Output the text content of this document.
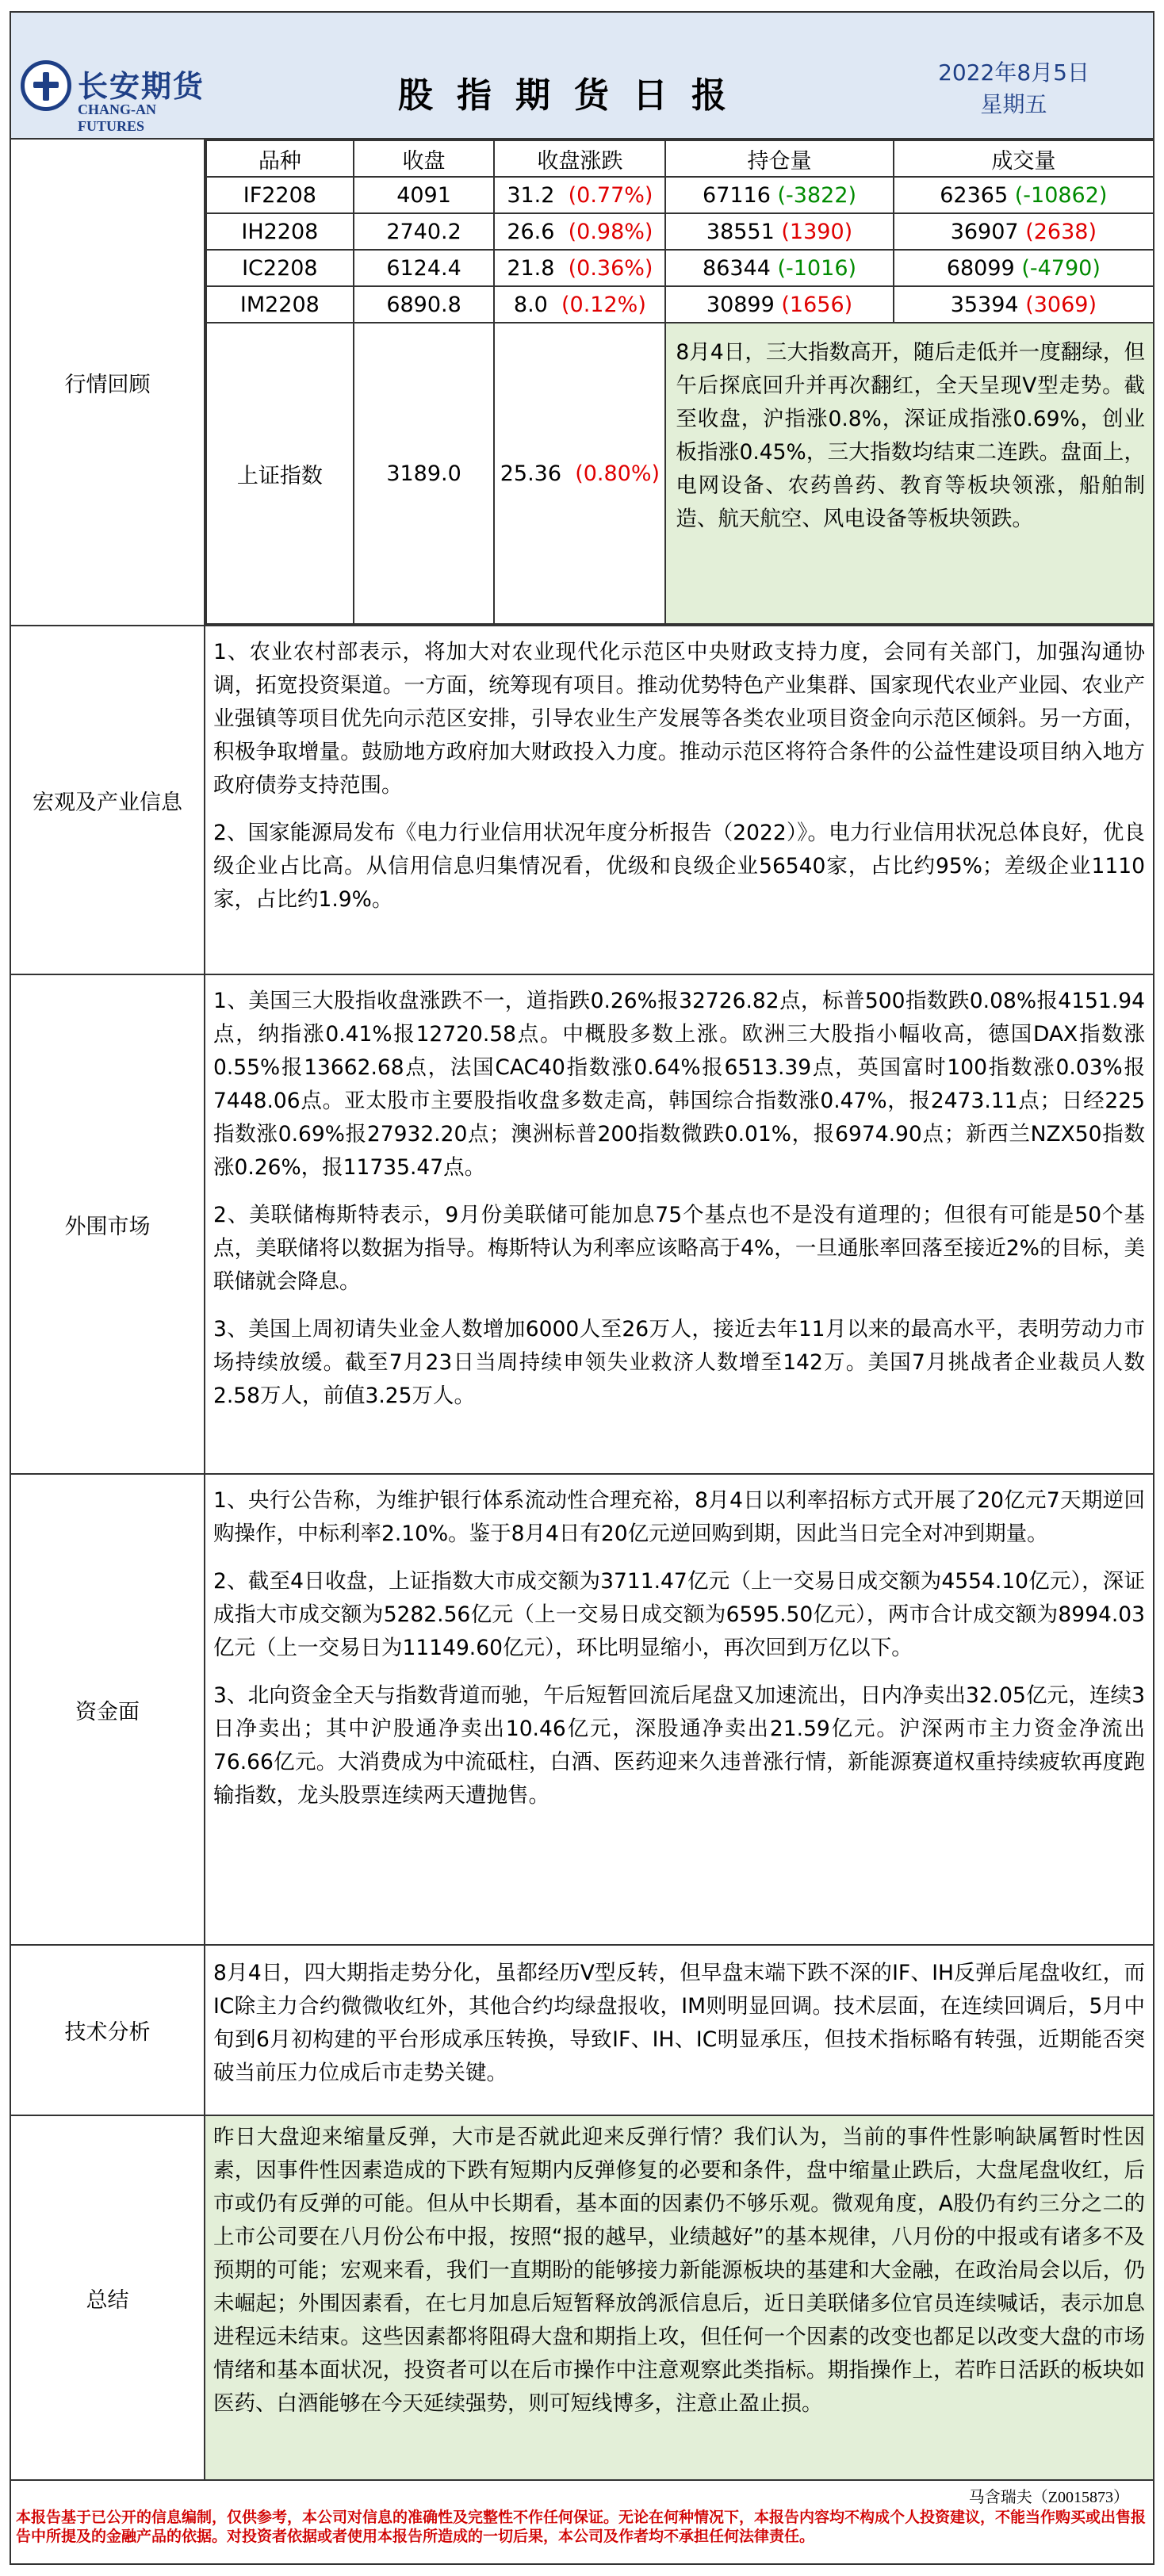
长安期货
CHANG-AN FUTURES
股指期货日报
2022年8月5日
星期五
行情回顾
品种	收盘	收盘涨跌	持仓量	成交量
IF2208	4091	31.2 (0.77%)	67116 (-3822)	62365 (-10862)
IH2208	2740.2	26.6 (0.98%)	38551 (1390)	36907 (2638)
IC2208	6124.4	21.8 (0.36%)	86344 (-1016)	68099 (-4790)
IM2208	6890.8	8.0 (0.12%)	30899 (1656)	35394 (3069)
上证指数	3189.0	25.36 (0.80%)	8月4日，三大指数高开，随后走低并一度翻绿，但午后探底回升并再次翻红，全天呈现V型走势。截至收盘，沪指涨0.8%，深证成指涨0.69%，创业板指涨0.45%，三大指数均结束二连跌。盘面上，电网设备、农药兽药、教育等板块领涨，船舶制造、航天航空、风电设备等板块领跌。	
宏观及产业信息

1、农业农村部表示，将加大对农业现代化示范区中央财政支持力度，会同有关部门，加强沟通协调，拓宽投资渠道。一方面，统筹现有项目。推动优势特色产业集群、国家现代农业产业园、农业产业强镇等项目优先向示范区安排，引导农业生产发展等各类农业项目资金向示范区倾斜。另一方面，积极争取增量。鼓励地方政府加大财政投入力度。推动示范区将符合条件的公益性建设项目纳入地方政府债券支持范围。

2、国家能源局发布《电力行业信用状况年度分析报告（2022）》。电力行业信用状况总体良好，优良级企业占比高。从信用信息归集情况看，优级和良级企业56540家，占比约95%；差级企业1110家，占比约1.9%。

外围市场

1、美国三大股指收盘涨跌不一，道指跌0.26%报32726.82点，标普500指数跌0.08%报4151.94点，纳指涨0.41%报12720.58点。中概股多数上涨。欧洲三大股指小幅收高，德国DAX指数涨0.55%报13662.68点，法国CAC40指数涨0.64%报6513.39点，英国富时100指数涨0.03%报7448.06点。亚太股市主要股指收盘多数走高，韩国综合指数涨0.47%，报2473.11点；日经225指数涨0.69%报27932.20点；澳洲标普200指数微跌0.01%，报6974.90点；新西兰NZX50指数涨0.26%，报11735.47点。

2、美联储梅斯特表示，9月份美联储可能加息75个基点也不是没有道理的；但很有可能是50个基点，美联储将以数据为指导。梅斯特认为利率应该略高于4%，一旦通胀率回落至接近2%的目标，美联储就会降息。

3、美国上周初请失业金人数增加6000人至26万人，接近去年11月以来的最高水平，表明劳动力市场持续放缓。截至7月23日当周持续申领失业救济人数增至142万。美国7月挑战者企业裁员人数2.58万人，前值3.25万人。

资金面

1、央行公告称，为维护银行体系流动性合理充裕，8月4日以利率招标方式开展了20亿元7天期逆回购操作，中标利率2.10%。鉴于8月4日有20亿元逆回购到期，因此当日完全对冲到期量。

2、截至4日收盘，上证指数大市成交额为3711.47亿元（上一交易日成交额为4554.10亿元），深证成指大市成交额为5282.56亿元（上一交易日成交额为6595.50亿元），两市合计成交额为8994.03亿元（上一交易日为11149.60亿元），环比明显缩小，再次回到万亿以下。

3、北向资金全天与指数背道而驰，午后短暂回流后尾盘又加速流出，日内净卖出32.05亿元，连续3日净卖出；其中沪股通净卖出10.46亿元，深股通净卖出21.59亿元。沪深两市主力资金净流出76.66亿元。大消费成为中流砥柱，白酒、医药迎来久违普涨行情，新能源赛道权重持续疲软再度跑输指数，龙头股票连续两天遭抛售。

技术分析

8月4日，四大期指走势分化，虽都经历V型反转，但早盘末端下跌不深的IF、IH反弹后尾盘收红，而IC除主力合约微微收红外，其他合约均绿盘报收，IM则明显回调。技术层面，在连续回调后，5月中旬到6月初构建的平台形成承压转换，导致IF、IH、IC明显承压，但技术指标略有转强，近期能否突破当前压力位成后市走势关键。

总结

昨日大盘迎来缩量反弹，大市是否就此迎来反弹行情？我们认为，当前的事件性影响缺属暂时性因素，因事件性因素造成的下跌有短期内反弹修复的必要和条件，盘中缩量止跌后，大盘尾盘收红，后市或仍有反弹的可能。但从中长期看，基本面的因素仍不够乐观。微观角度，A股仍有约三分之二的上市公司要在八月份公布中报，按照“报的越早，业绩越好”的基本规律，八月份的中报或有诸多不及预期的可能；宏观来看，我们一直期盼的能够接力新能源板块的基建和大金融，在政治局会以后，仍未崛起；外围因素看，在七月加息后短暂释放鸽派信息后，近日美联储多位官员连续喊话，表示加息进程远未结束。这些因素都将阻碍大盘和期指上攻，但任何一个因素的改变也都足以改变大盘的市场情绪和基本面状况，投资者可以在后市操作中注意观察此类指标。期指操作上，若昨日活跃的板块如医药、白酒能够在今天延续强势，则可短线博多，注意止盈止损。

马含瑞夫（Z0015873）
本报告基于已公开的信息编制，仅供参考，本公司对信息的准确性及完整性不作任何保证。无论在何种情况下，本报告内容均不构成个人投资建议，不能当作购买或出售报告中所提及的金融产品的依据。对投资者依据或者使用本报告所造成的一切后果，本公司及作者均不承担任何法律责任。
